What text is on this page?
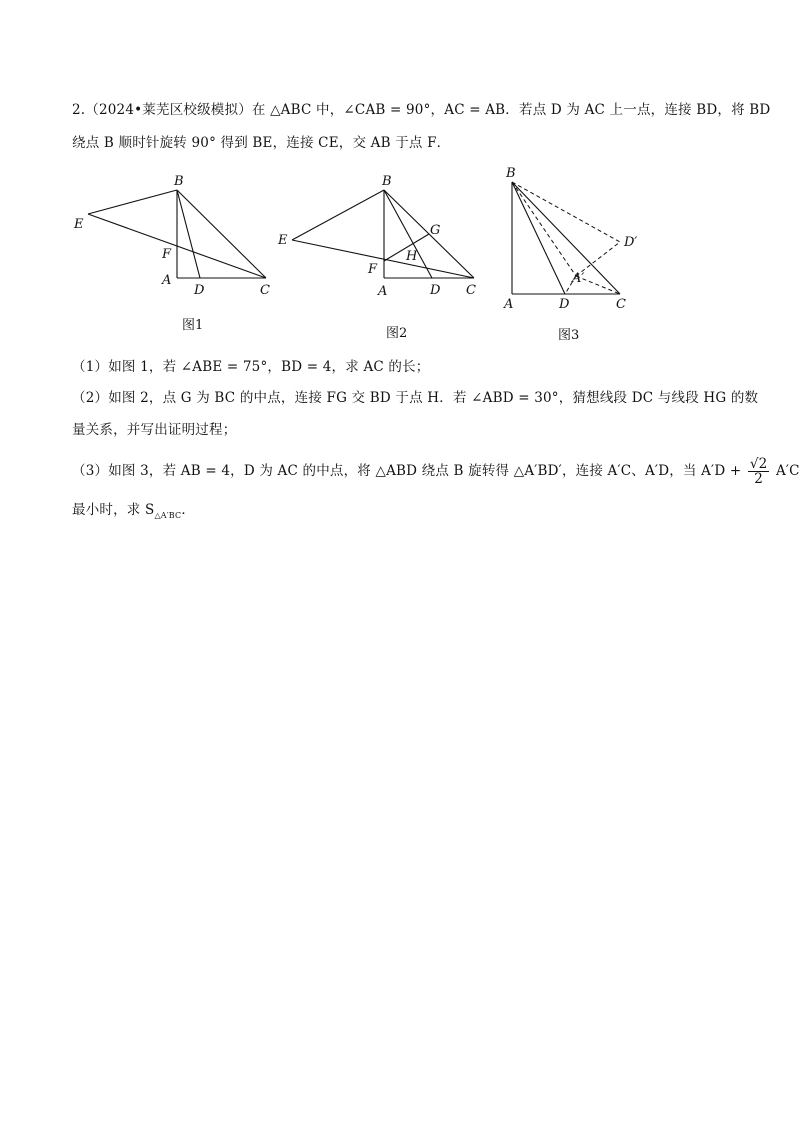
2.（2024•莱芜区校级模拟）在 △ABC 中，∠CAB = 90°，AC = AB．若点 D 为 AC 上一点，连接 BD，将 BD
绕点 B 顺时针旋转 90° 得到 BE，连接 CE，交 AB 于点 F．
B
E
F
A
D	C
图1
B
E
G
H
F
A	D C
图2
B
D′
A′
A	D	C
图3
（1）如图 1，若 ∠ABE = 75°，BD = 4，求 AC 的长；
（2）如图 2，点 G 为 BC 的中点，连接 FG 交 BD 于点 H．若 ∠ABD = 30°，猜想线段 DC 与线段 HG 的数
量关系，并写出证明过程；
（3）如图 3，若 AB = 4，D 为 AC 的中点，将 △ABD 绕点 B 旋转得 △A′BD′，连接 A′C、A′D，当 $A'D + \frac{√2}{2} A'C$
最小时，求 $S_{\triangle A'BC}$．
